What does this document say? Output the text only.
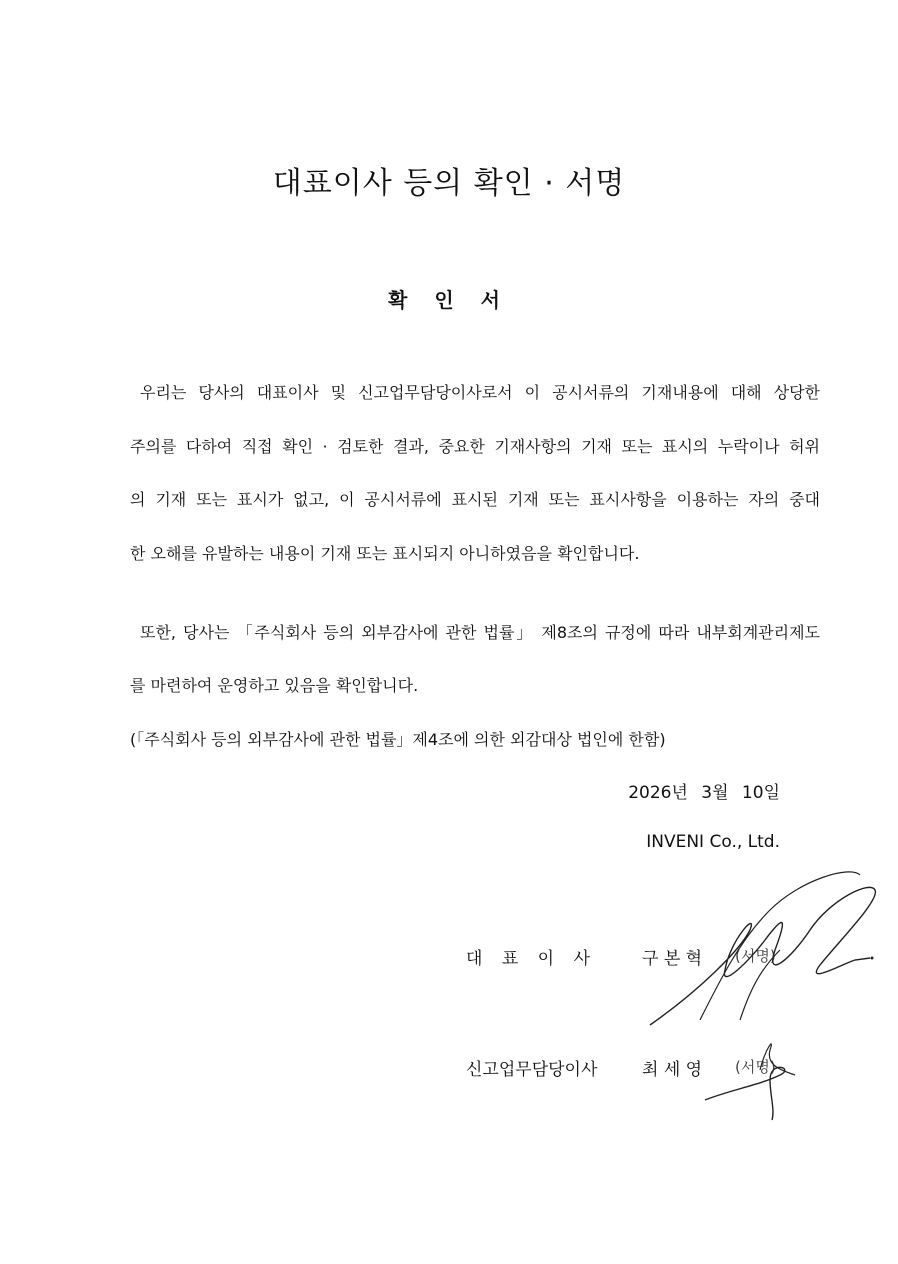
대표이사 등의 확인 · 서명
확 인 서
우리는 당사의 대표이사 및 신고업무담당이사로서 이 공시서류의 기재내용에 대해 상당한
주의를 다하여 직접 확인 · 검토한 결과, 중요한 기재사항의 기재 또는 표시의 누락이나 허위
의 기재 또는 표시가 없고, 이 공시서류에 표시된 기재 또는 표시사항을 이용하는 자의 중대
한 오해를 유발하는 내용이 기재 또는 표시되지 아니하였음을 확인합니다.
또한, 당사는 「주식회사 등의 외부감사에 관한 법률」 제8조의 규정에 따라 내부회계관리제도
를 마련하여 운영하고 있음을 확인합니다.
(「주식회사 등의 외부감사에 관한 법률」제4조에 의한 외감대상 법인에 한함)
2026년 3월 10일
INVENI Co., Ltd.
대 표 이 사	구 본 혁 (서명)
신고업무담당이사	최 세 영 (서명)
